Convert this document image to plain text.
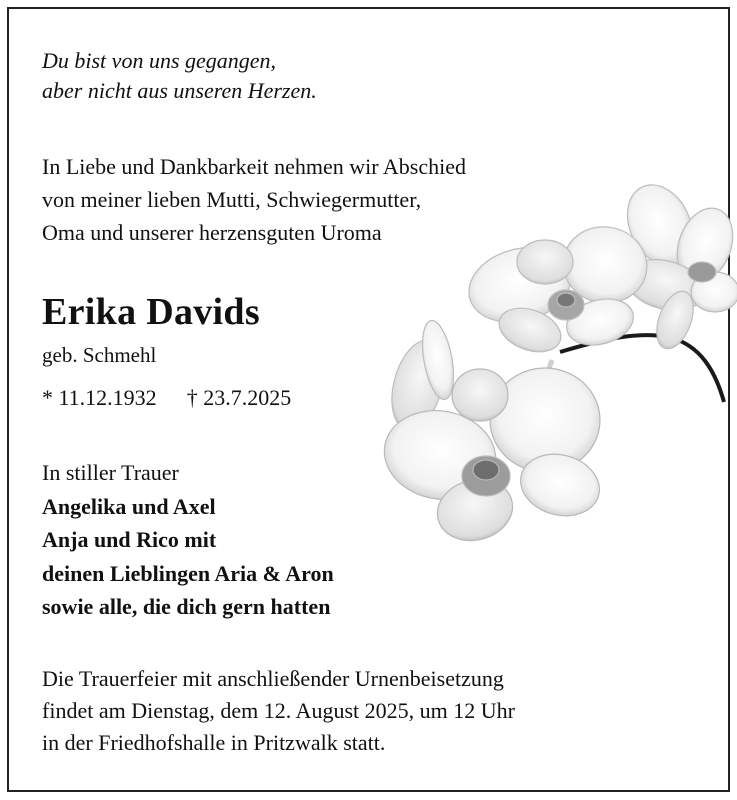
Du bist von uns gegangen,
aber nicht aus unseren Herzen.
In Liebe und Dankbarkeit nehmen wir Abschied
von meiner lieben Mutti, Schwiegermutter,
Oma und unserer herzensguten Uroma
Erika Davids
geb. Schmehl
* 11.12.1932 † 23.7.2025
In stiller Trauer
Angelika und Axel
Anja und Rico mit
deinen Lieblingen Aria & Aron
sowie alle, die dich gern hatten
Die Trauerfeier mit anschließender Urnenbeisetzung
findet am Dienstag, dem 12. August 2025, um 12 Uhr
in der Friedhofshalle in Pritzwalk statt.
